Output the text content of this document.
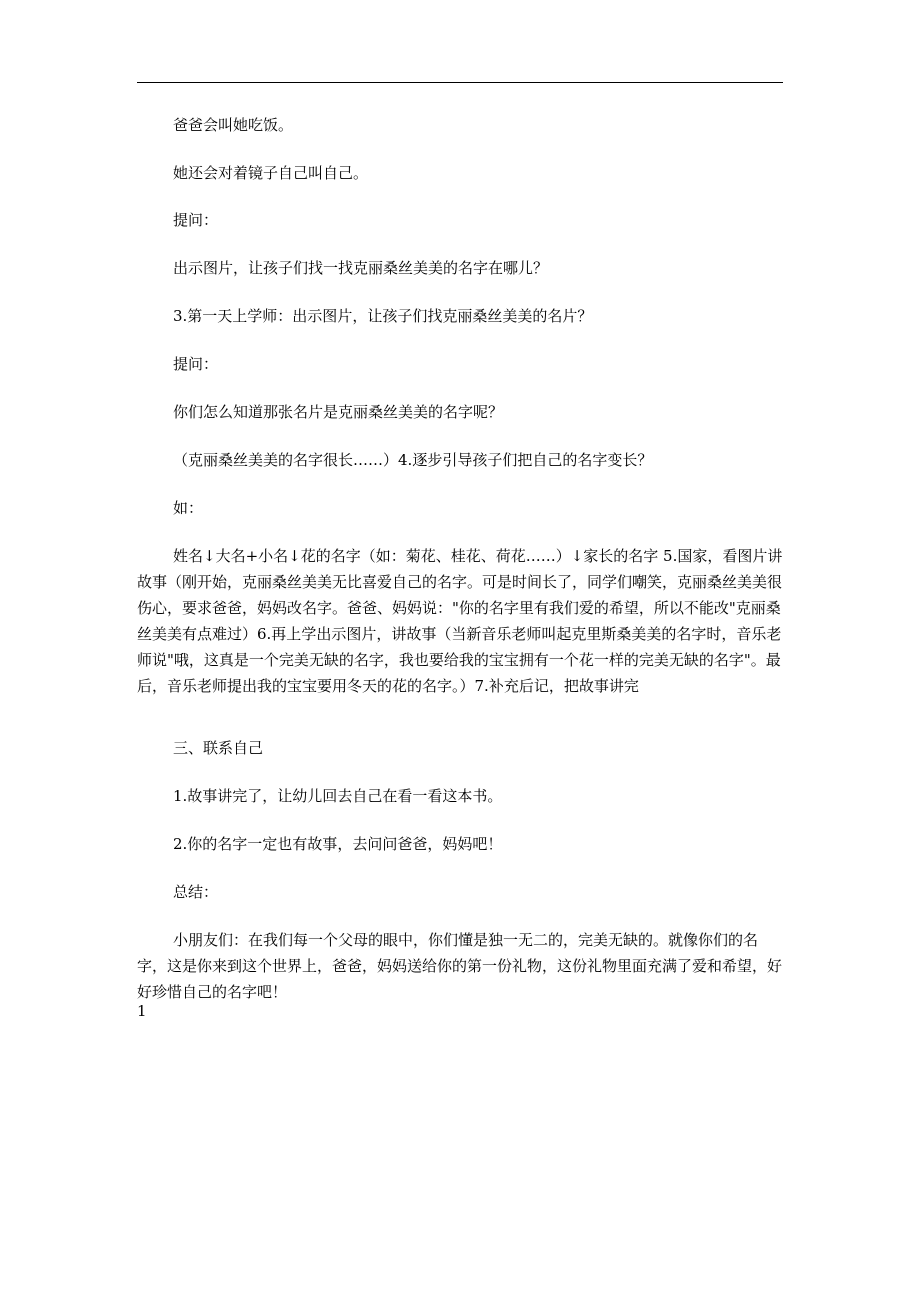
爸爸会叫她吃饭。

她还会对着镜子自己叫自己。

提问：

出示图片，让孩子们找一找克丽桑丝美美的名字在哪儿？

3.第一天上学师：出示图片，让孩子们找克丽桑丝美美的名片？

提问：

你们怎么知道那张名片是克丽桑丝美美的名字呢？

（克丽桑丝美美的名字很长……）4.逐步引导孩子们把自己的名字变长？

如：

姓名↓大名+小名↓花的名字（如：菊花、桂花、荷花……）↓家长的名字 5.国家，看图片讲故事（刚开始，克丽桑丝美美无比喜爱自己的名字。可是时间长了，同学们嘲笑，克丽桑丝美美很伤心，要求爸爸，妈妈改名字。爸爸、妈妈说："你的名字里有我们爱的希望，所以不能改"克丽桑丝美美有点难过）6.再上学出示图片，讲故事（当新音乐老师叫起克里斯桑美美的名字时，音乐老师说"哦，这真是一个完美无缺的名字，我也要给我的宝宝拥有一个花一样的完美无缺的名字"。最后，音乐老师提出我的宝宝要用冬天的花的名字。）7.补充后记，把故事讲完

三、联系自己

1.故事讲完了，让幼儿回去自己在看一看这本书。

2.你的名字一定也有故事，去问问爸爸，妈妈吧！

总结：

小朋友们：在我们每一个父母的眼中，你们懂是独一无二的，完美无缺的。就像你们的名字，这是你来到这个世界上，爸爸，妈妈送给你的第一份礼物，这份礼物里面充满了爱和希望，好好珍惜自己的名字吧！

1
